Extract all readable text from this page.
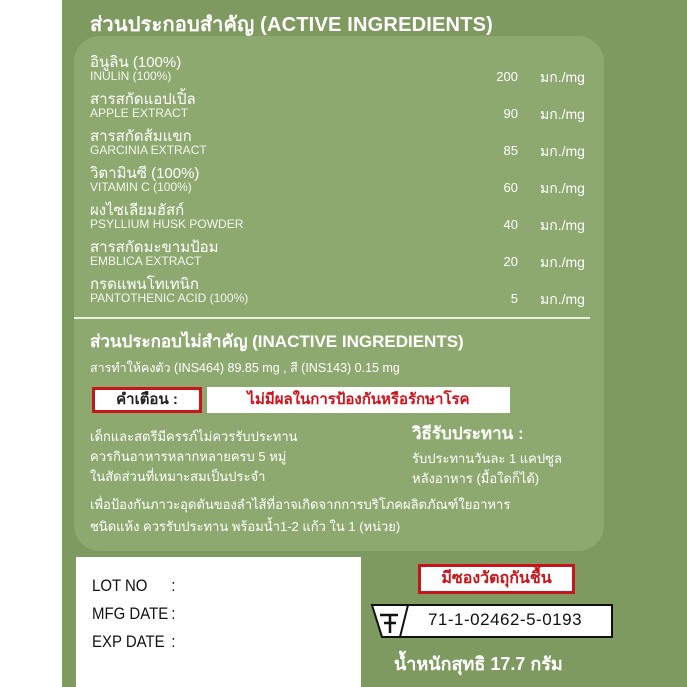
ส่วนประกอบสำคัญ (ACTIVE INGREDIENTS)
อินูลิน (100%)
INULIN (100%)	200 มก./mg
สารสกัดแอปเปิ้ล
APPLE EXTRACT	90 มก./mg
สารสกัดส้มแขก
GARCINIA EXTRACT	85 มก./mg
วิตามินซี (100%)
VITAMIN C (100%)	60 มก./mg
ผงไซเลียมฮัสก์
PSYLLIUM HUSK POWDER	40 มก./mg
สารสกัดมะขามป้อม
EMBLICA EXTRACT	20 มก./mg
กรดแพนโทเทนิก
PANTOTHENIC ACID (100%)	5 มก./mg
ส่วนประกอบไม่สำคัญ (INACTIVE INGREDIENTS)
สารทำให้คงตัว (INS464) 89.85 mg , สี (INS143) 0.15 mg
คำเตือน :	ไม่มีผลในการป้องกันหรือรักษาโรค
เด็กและสตรีมีครรภ์ไม่ควรรับประทาน
ควรกินอาหารหลากหลายครบ 5 หมู่
ในสัดส่วนที่เหมาะสมเป็นประจำ
วิธีรับประทาน :
รับประทานวันละ 1 แคปซูล
หลังอาหาร (มื้อใดก็ได้)
เพื่อป้องกันภาวะอุดตันของลำไส้ที่อาจเกิดจากการบริโภคผลิตภัณฑ์ใยอาหาร
ชนิดแห้ง ควรรับประทาน พร้อมน้ำ1-2 แก้ว ใน 1 (หน่วย)
LOT NO :
MFG DATE :
EXP DATE :
มีซองวัตถุกันชื้น
71-1-02462-5-0193
น้ำหนักสุทธิ 17.7 กรัม
